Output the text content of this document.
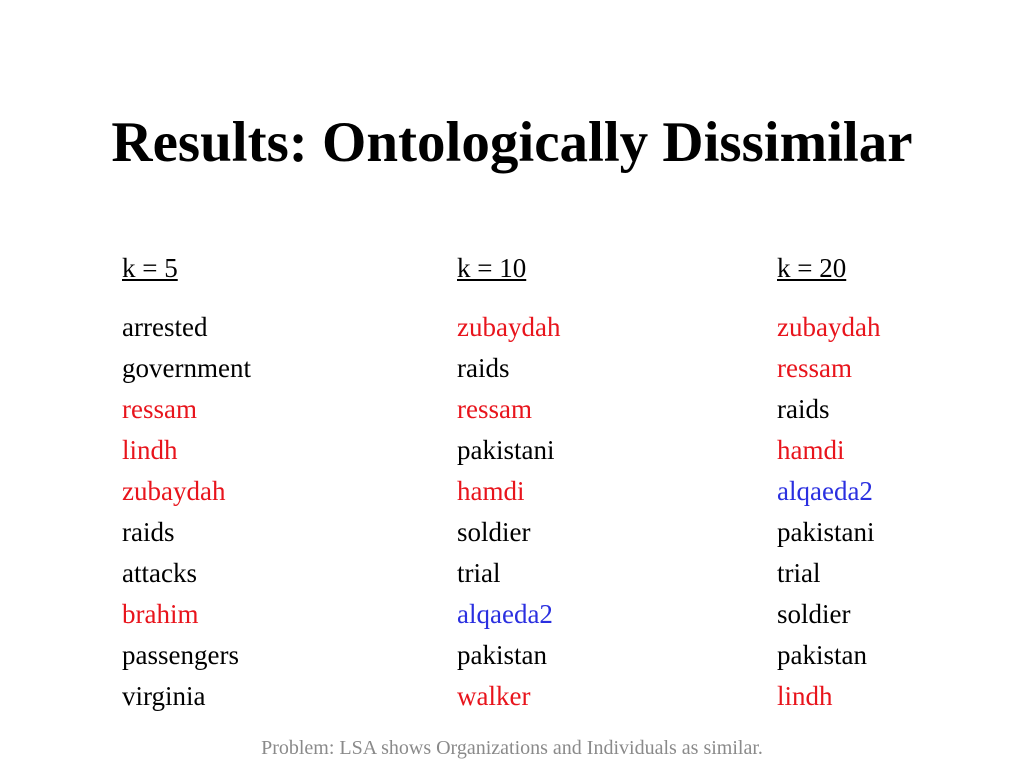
Results: Ontologically Dissimilar
k = 5
arrested
government
ressam
lindh
zubaydah
raids
attacks
brahim
passengers
virginia
k = 10
zubaydah
raids
ressam
pakistani
hamdi
soldier
trial
alqaeda2
pakistan
walker
k = 20
zubaydah
ressam
raids
hamdi
alqaeda2
pakistani
trial
soldier
pakistan
lindh
Problem: LSA shows Organizations and Individuals as similar.
